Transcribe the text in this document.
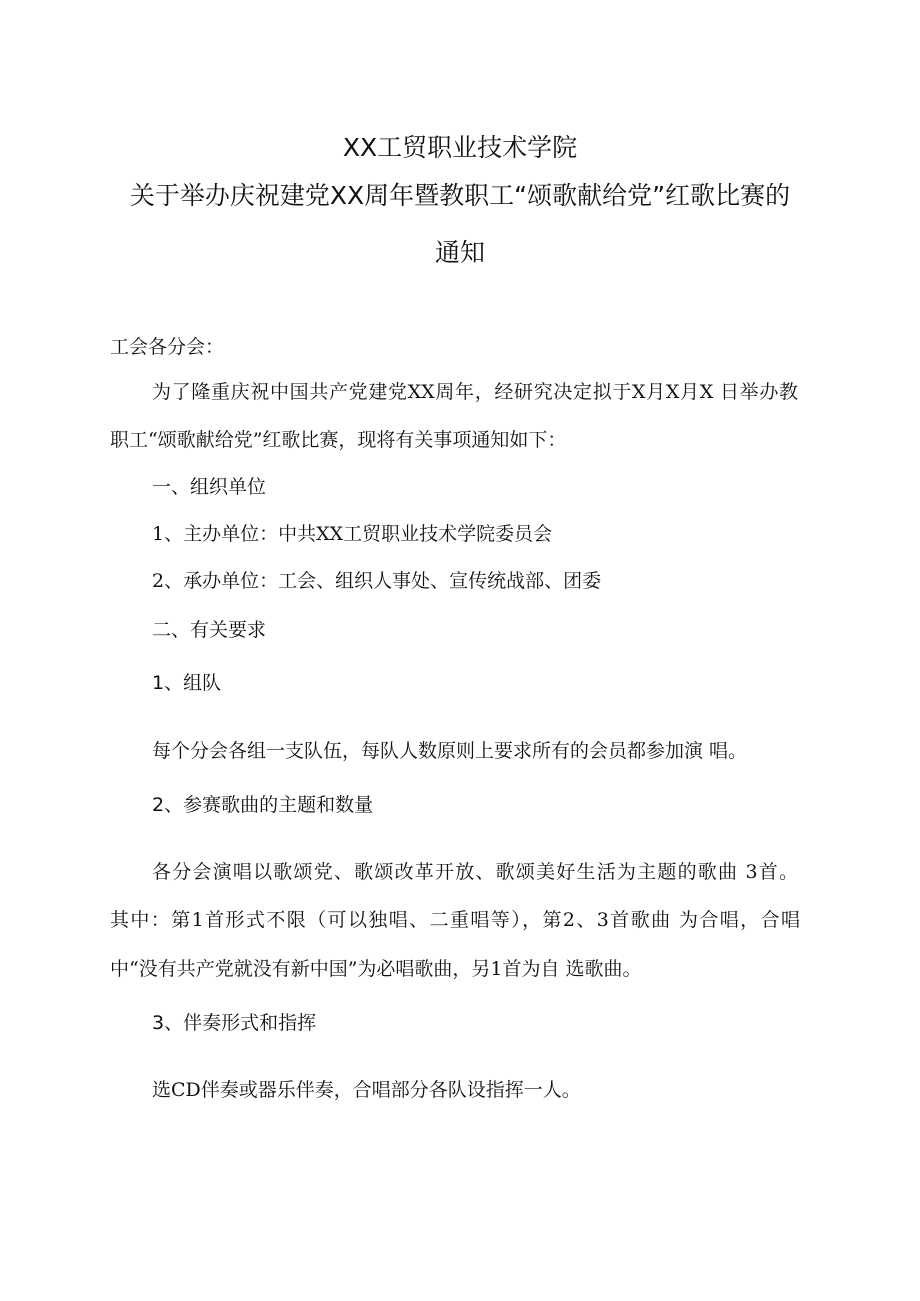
XX工贸职业技术学院
关于举办庆祝建党XX周年暨教职工“颂歌献给党”红歌比赛的
通知
工会各分会：
为了隆重庆祝中国共产党建党XX周年，经研究决定拟于X月X月X 日举办教
职工“颂歌献给党”红歌比赛，现将有关事项通知如下：
一、组织单位
1、主办单位：中共XX工贸职业技术学院委员会
2、承办单位：工会、组织人事处、宣传统战部、团委
二、有关要求
1、组队
每个分会各组一支队伍，每队人数原则上要求所有的会员都参加演 唱。
2、参赛歌曲的主题和数量
各分会演唱以歌颂党、歌颂改革开放、歌颂美好生活为主题的歌曲 3首。
其中：第1首形式不限（可以独唱、二重唱等），第2、3首歌曲 为合唱，合唱
中“没有共产党就没有新中国”为必唱歌曲，另1首为自 选歌曲。
3、伴奏形式和指挥
选CD伴奏或器乐伴奏，合唱部分各队设指挥一人。
